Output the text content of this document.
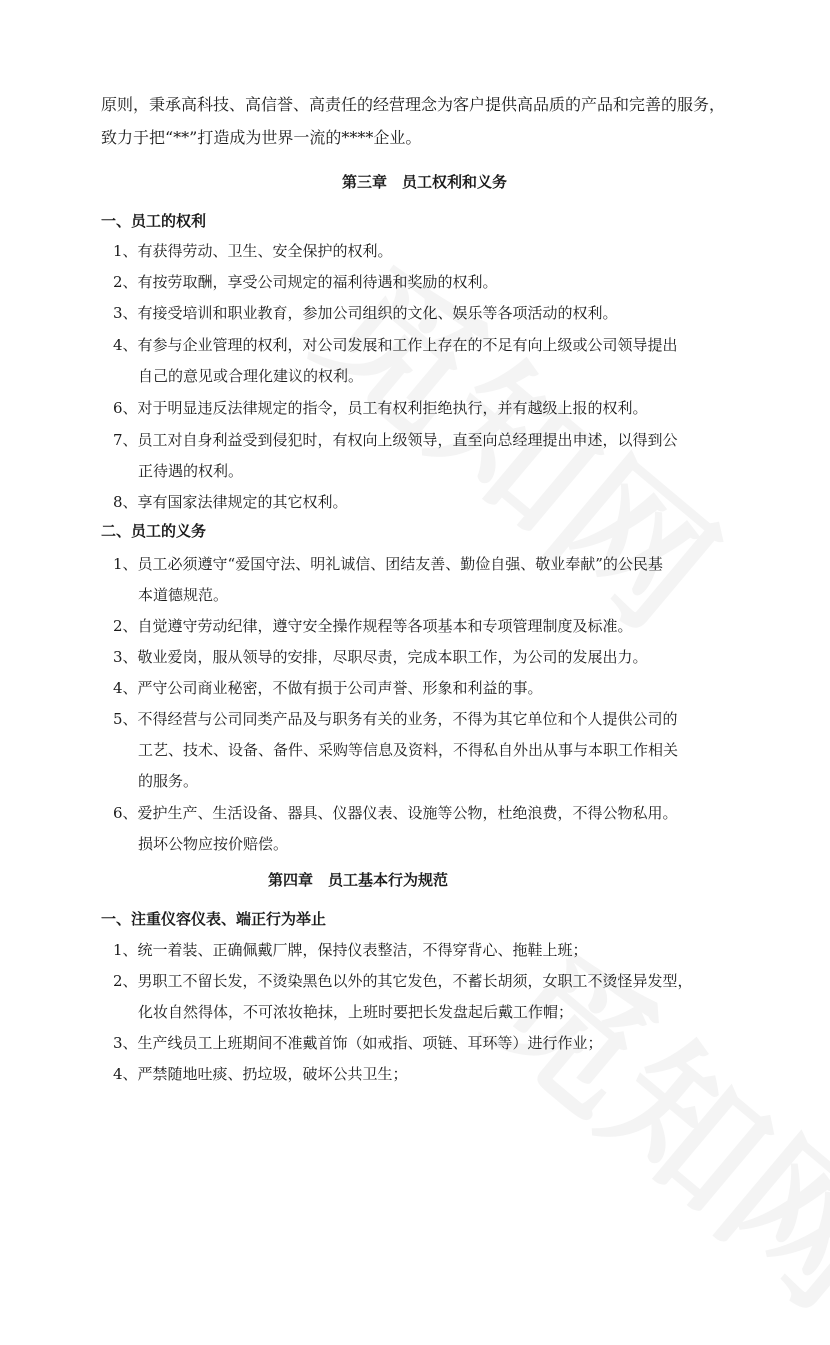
原则，秉承高科技、高信誉、高责任的经营理念为客户提供高品质的产品和完善的服务，
致力于把“**”打造成为世界一流的****企业。
第三章　员工权利和义务
一、员工的权利
1、有获得劳动、卫生、安全保护的权利。
2、有按劳取酬，享受公司规定的福利待遇和奖励的权利。
3、有接受培训和职业教育，参加公司组织的文化、娱乐等各项活动的权利。
4、有参与企业管理的权利，对公司发展和工作上存在的不足有向上级或公司领导提出
自己的意见或合理化建议的权利。
6、对于明显违反法律规定的指令，员工有权利拒绝执行，并有越级上报的权利。
7、员工对自身利益受到侵犯时，有权向上级领导，直至向总经理提出申述，以得到公
正待遇的权利。
8、享有国家法律规定的其它权利。
二、员工的义务
1、员工必须遵守“爱国守法、明礼诚信、团结友善、勤俭自强、敬业奉献”的公民基
本道德规范。
2、自觉遵守劳动纪律，遵守安全操作规程等各项基本和专项管理制度及标准。
3、敬业爱岗，服从领导的安排，尽职尽责，完成本职工作，为公司的发展出力。
4、严守公司商业秘密，不做有损于公司声誉、形象和利益的事。
5、不得经营与公司同类产品及与职务有关的业务，不得为其它单位和个人提供公司的
工艺、技术、设备、备件、采购等信息及资料，不得私自外出从事与本职工作相关
的服务。
6、爱护生产、生活设备、器具、仪器仪表、设施等公物，杜绝浪费，不得公物私用。
损坏公物应按价赔偿。
第四章　员工基本行为规范
一、注重仪容仪表、端正行为举止
1、统一着装、正确佩戴厂牌，保持仪表整洁，不得穿背心、拖鞋上班；
2、男职工不留长发，不烫染黑色以外的其它发色，不蓄长胡须，女职工不烫怪异发型，
化妆自然得体，不可浓妆艳抹，上班时要把长发盘起后戴工作帽；
3、生产线员工上班期间不准戴首饰（如戒指、项链、耳环等）进行作业；
4、严禁随地吐痰、扔垃圾，破坏公共卫生；
